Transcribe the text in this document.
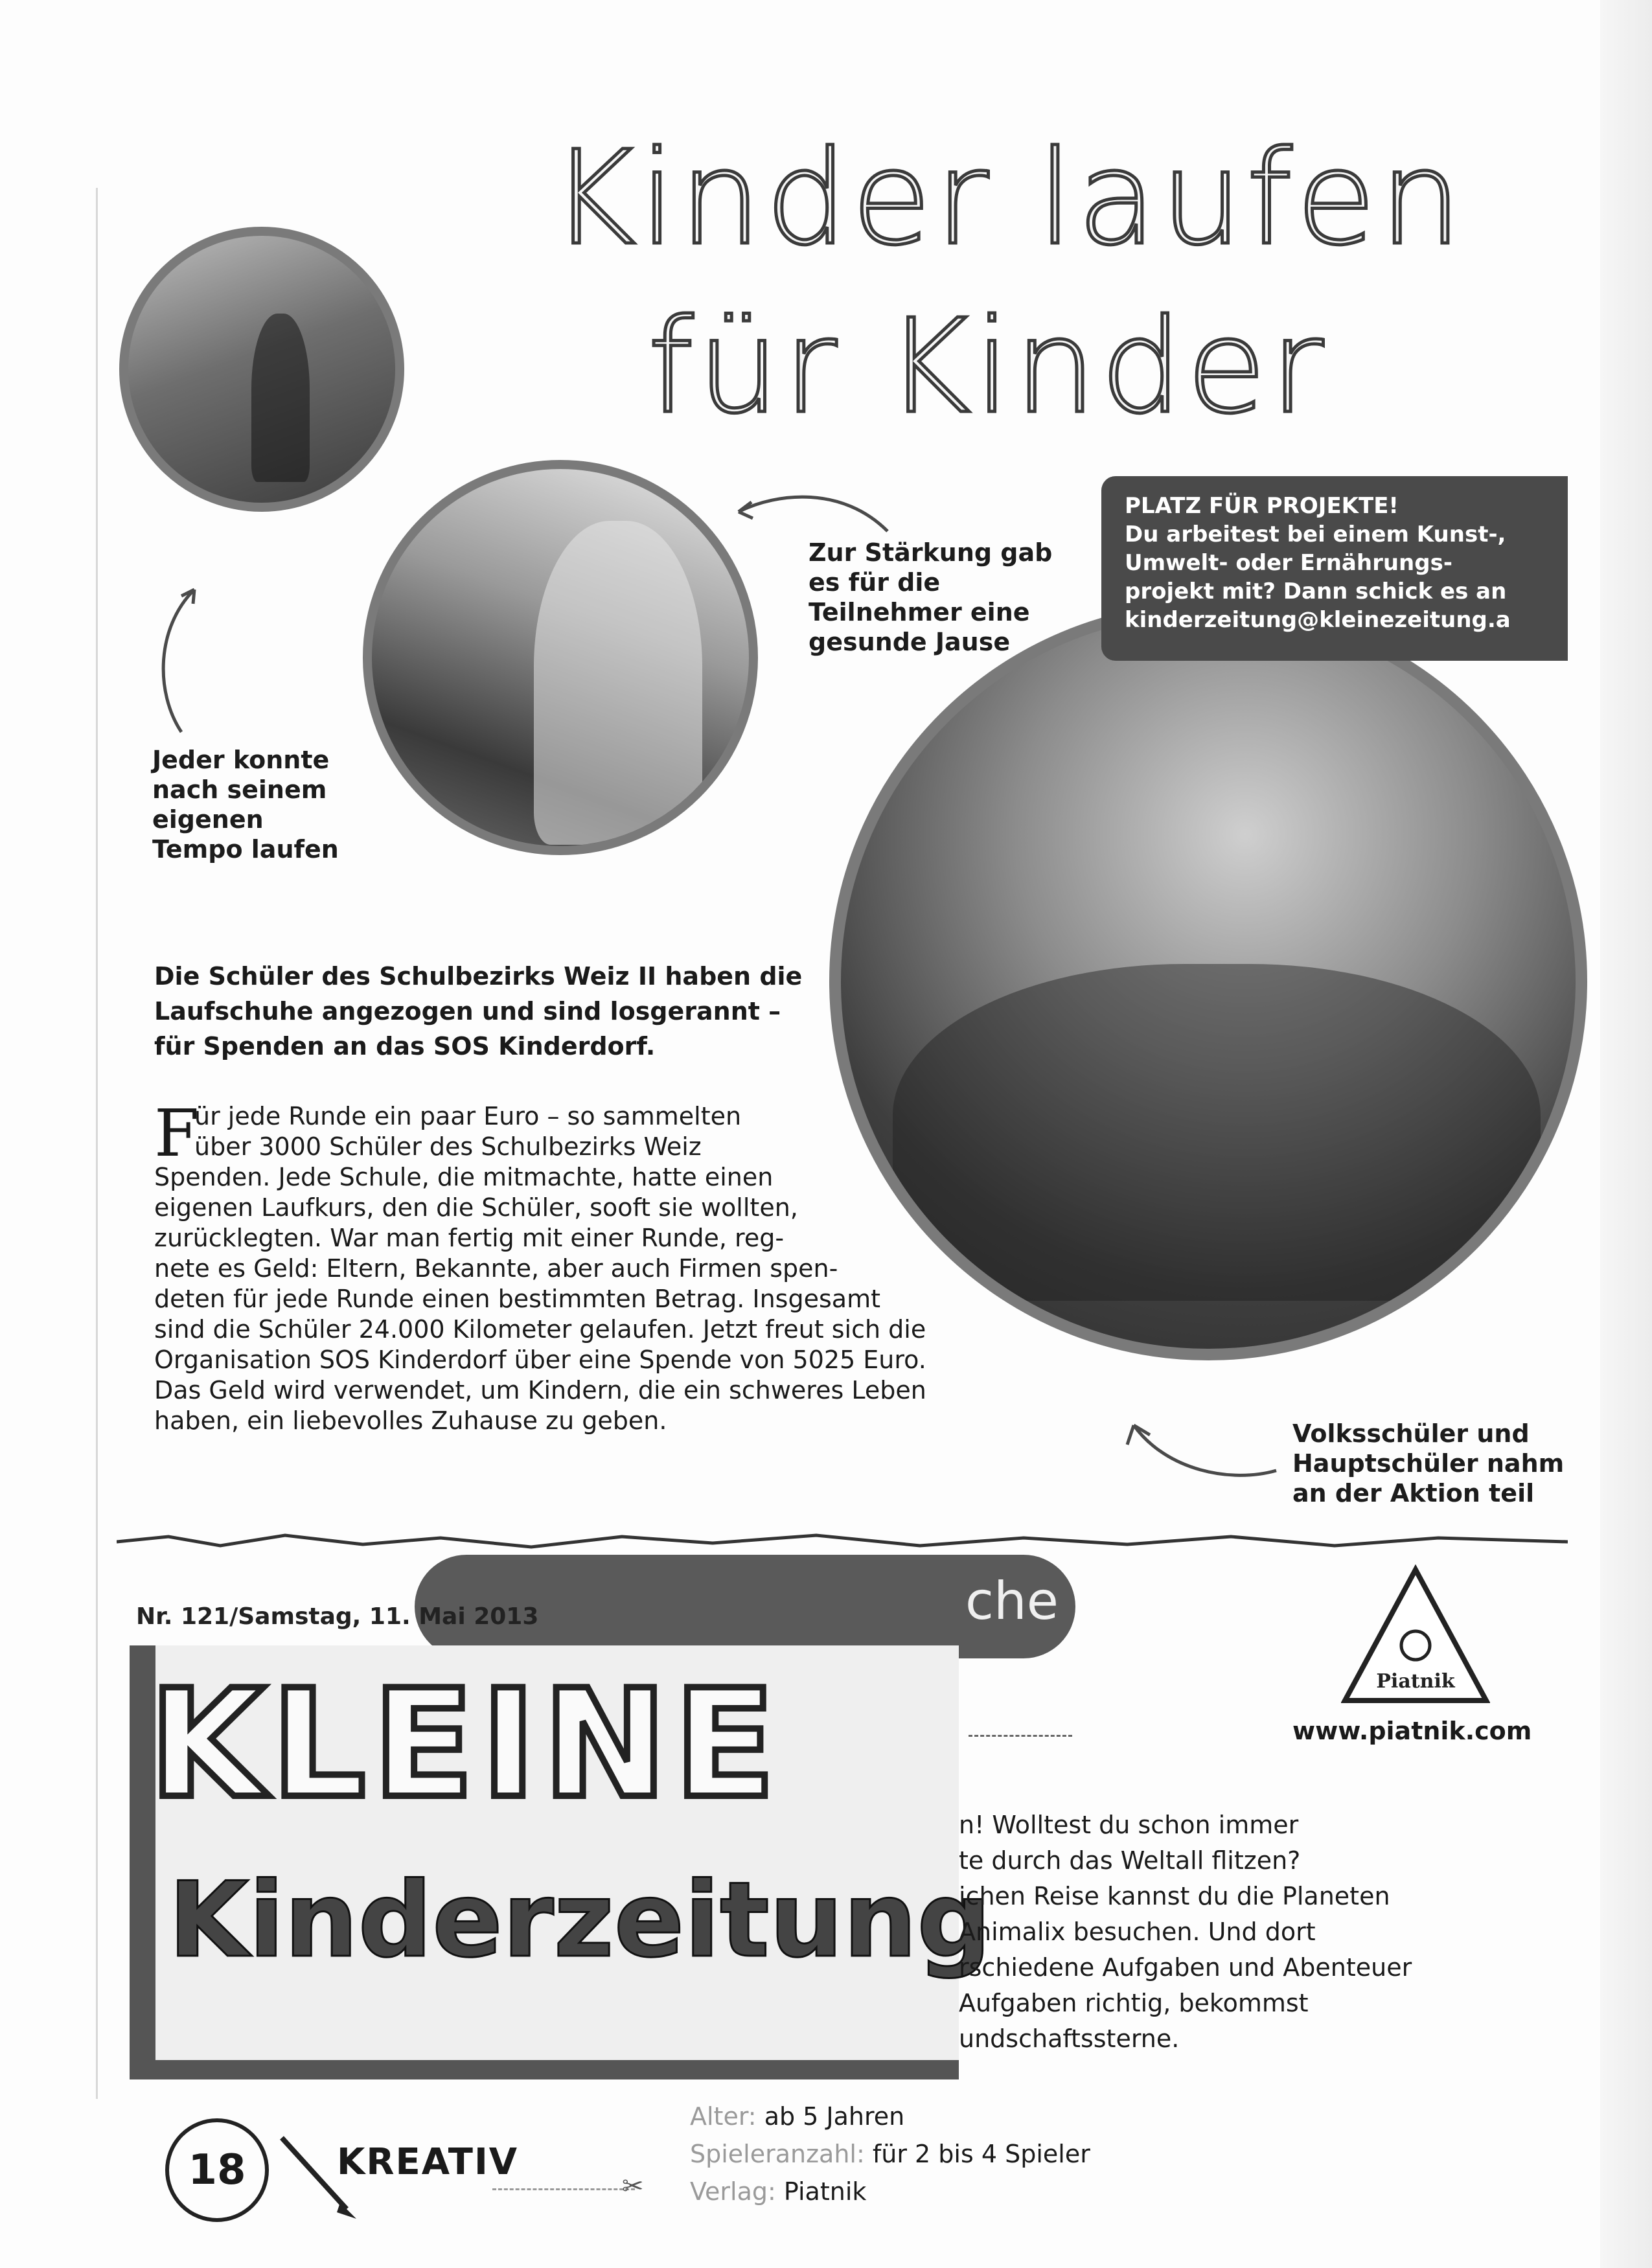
Kinder laufen
für Kinder
Jeder konnte nach seinem eigenen Tempo laufen
Zur Stärkung gab es für die Teilnehmer eine gesunde Jause
Volksschüler und
Hauptschüler nahm
an der Aktion teil
PLATZ FÜR PROJEKTE!
Du arbeitest bei einem Kunst-,
Umwelt- oder Ernährungs-
projekt mit? Dann schick es an
kinderzeitung@kleinezeitung.a
Die Schüler des Schulbezirks Weiz II haben die Laufschuhe angezogen und sind losgerannt – für Spenden an das SOS Kinderdorf.
F
ür jede Runde ein paar Euro – so sammelten
über 3000 Schüler des Schulbezirks Weiz
Spenden. Jede Schule, die mitmachte, hatte einen
eigenen Laufkurs, den die Schüler, sooft sie wollten,
zurücklegten. War man fertig mit einer Runde, reg-
nete es Geld: Eltern, Bekannte, aber auch Firmen spen-
deten für jede Runde einen bestimmten Betrag. Insgesamt
sind die Schüler 24.000 Kilometer gelaufen. Jetzt freut sich die
Organisation SOS Kinderdorf über eine Spende von 5025 Euro.
Das Geld wird verwendet, um Kindern, die ein schweres Leben
haben, ein liebevolles Zuhause zu geben.
che
Nr. 121/Samstag, 11. Mai 2013
KLEINE
Kinderzeitung
Piatnik
www.piatnik.com
n! Wolltest du schon immer
te durch das Weltall flitzen?
ichen Reise kannst du die Planeten
Animalix besuchen. Und dort
rschiedene Aufgaben und Abenteuer
Aufgaben richtig, bekommst
undschaftssterne.
Alter: ab 5 Jahren
Spieleranzahl: für 2 bis 4 Spieler
Verlag: Piatnik
18	KREATIV
✂
